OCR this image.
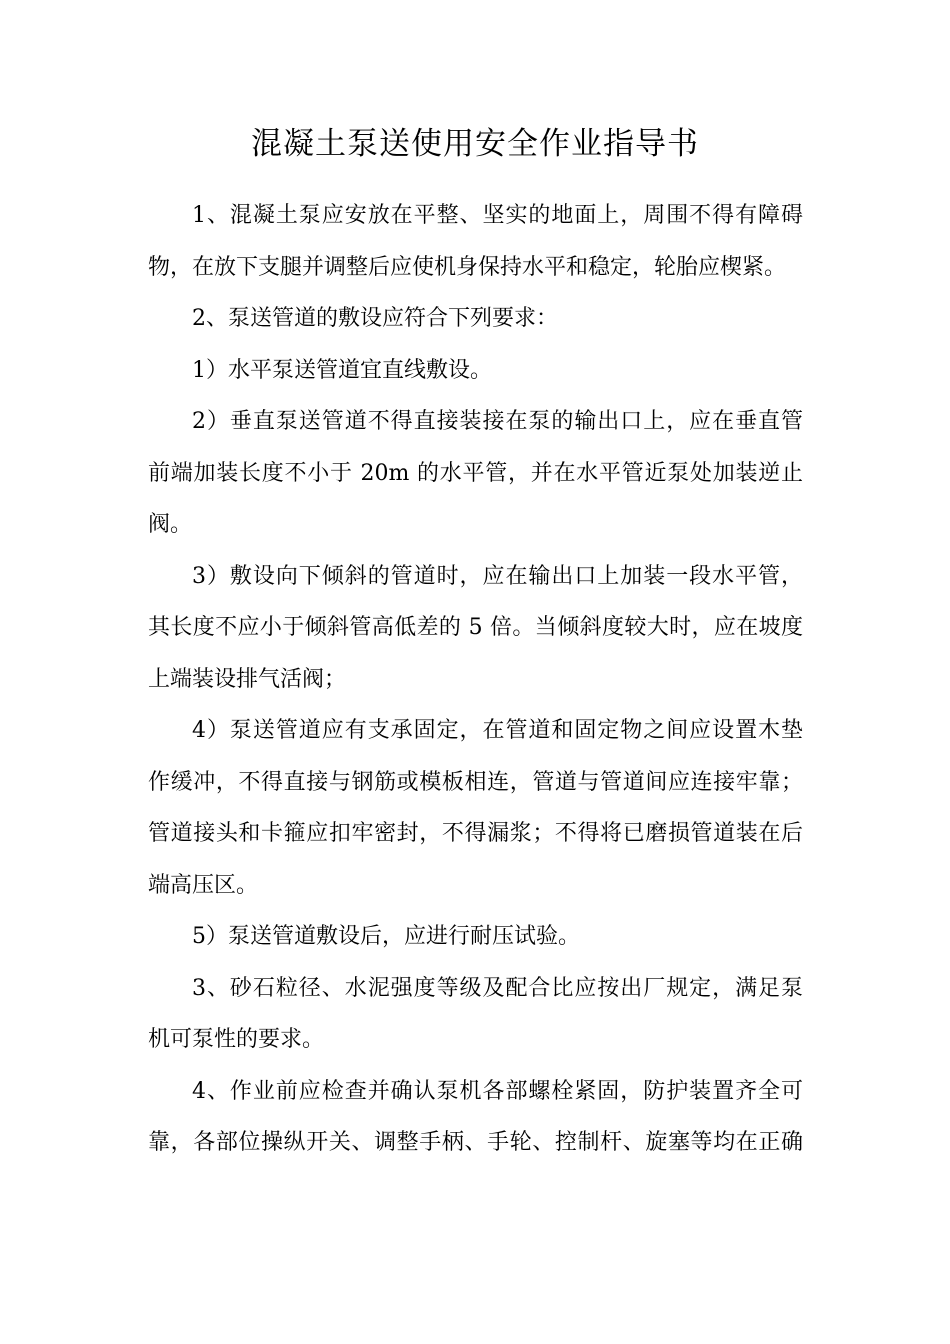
混凝土泵送使用安全作业指导书
1、混凝土泵应安放在平整、坚实的地面上，周围不得有障碍
物，在放下支腿并调整后应使机身保持水平和稳定，轮胎应楔紧。
2、泵送管道的敷设应符合下列要求：
1）水平泵送管道宜直线敷设。
2）垂直泵送管道不得直接装接在泵的输出口上，应在垂直管
前端加装长度不小于 20m 的水平管，并在水平管近泵处加装逆止
阀。
3）敷设向下倾斜的管道时，应在输出口上加装一段水平管，
其长度不应小于倾斜管高低差的 5 倍。当倾斜度较大时，应在坡度
上端装设排气活阀；
4）泵送管道应有支承固定，在管道和固定物之间应设置木垫
作缓冲，不得直接与钢筋或模板相连，管道与管道间应连接牢靠；
管道接头和卡箍应扣牢密封，不得漏浆；不得将已磨损管道装在后
端高压区。
5）泵送管道敷设后，应进行耐压试验。
3、砂石粒径、水泥强度等级及配合比应按出厂规定，满足泵
机可泵性的要求。
4、作业前应检查并确认泵机各部螺栓紧固，防护装置齐全可
靠，各部位操纵开关、调整手柄、手轮、控制杆、旋塞等均在正确
